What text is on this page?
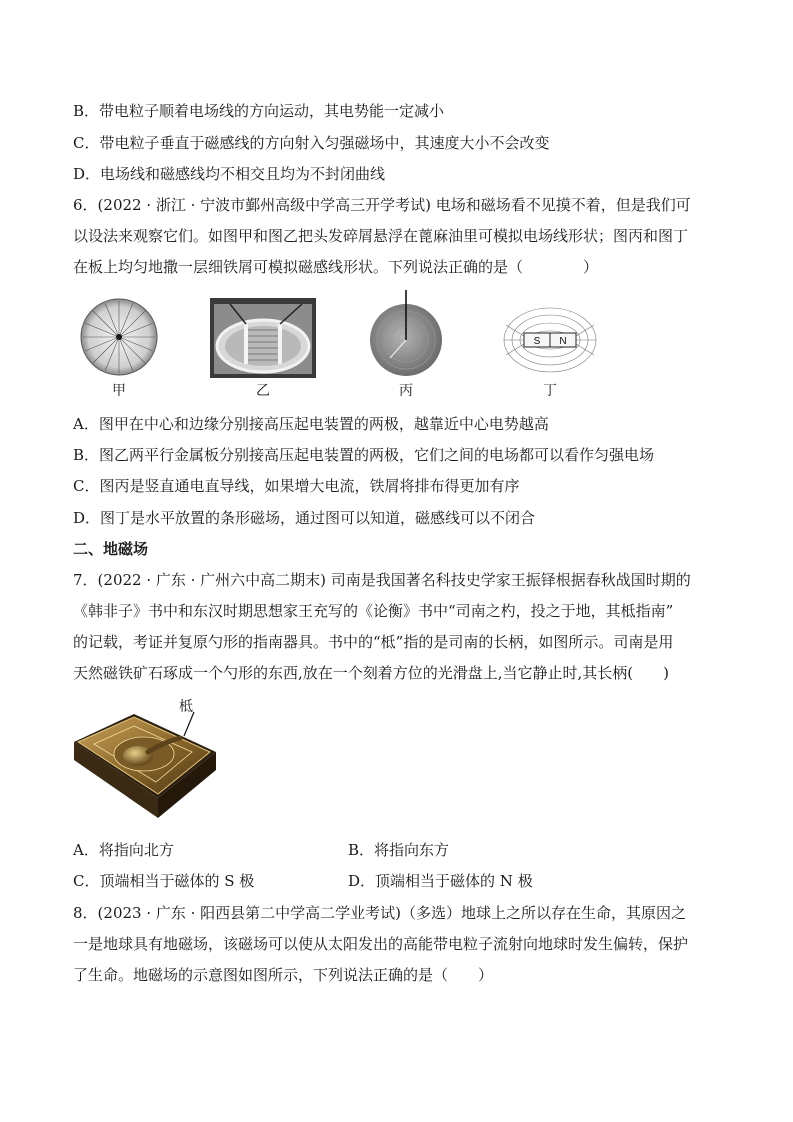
B．带电粒子顺着电场线的方向运动，其电势能一定减小
C．带电粒子垂直于磁感线的方向射入匀强磁场中，其速度大小不会改变
D．电场线和磁感线均不相交且均为不封闭曲线
6．(2022 · 浙江 · 宁波市鄞州高级中学高三开学考试) 电场和磁场看不见摸不着，但是我们可
以设法来观察它们。如图甲和图乙把头发碎屑悬浮在蓖麻油里可模拟电场线形状；图丙和图丁
在板上均匀地撒一层细铁屑可模拟磁感线形状。下列说法正确的是（　　　　）
甲	乙	丙
S N
丁
A．图甲在中心和边缘分别接高压起电装置的两极，越靠近中心电势越高
B．图乙两平行金属板分别接高压起电装置的两极，它们之间的电场都可以看作匀强电场
C．图丙是竖直通电直导线，如果增大电流，铁屑将排布得更加有序
D．图丁是水平放置的条形磁场，通过图可以知道，磁感线可以不闭合
二、地磁场
7．(2022 · 广东 · 广州六中高二期末) 司南是我国著名科技史学家王振铎根据春秋战国时期的
《韩非子》书中和东汉时期思想家王充写的《论衡》书中“司南之杓，投之于地，其柢指南”
的记载，考证并复原勺形的指南器具。书中的“柢”指的是司南的长柄，如图所示。司南是用
天然磁铁矿石琢成一个勺形的东西,放在一个刻着方位的光滑盘上,当它静止时,其长柄(　　)
柢
A．将指向北方	B．将指向东方
C．顶端相当于磁体的 S 极	D．顶端相当于磁体的 N 极
8．(2023 · 广东 · 阳西县第二中学高二学业考试)（多选）地球上之所以存在生命，其原因之
一是地球具有地磁场，该磁场可以使从太阳发出的高能带电粒子流射向地球时发生偏转，保护
了生命。地磁场的示意图如图所示，下列说法正确的是（　　）
